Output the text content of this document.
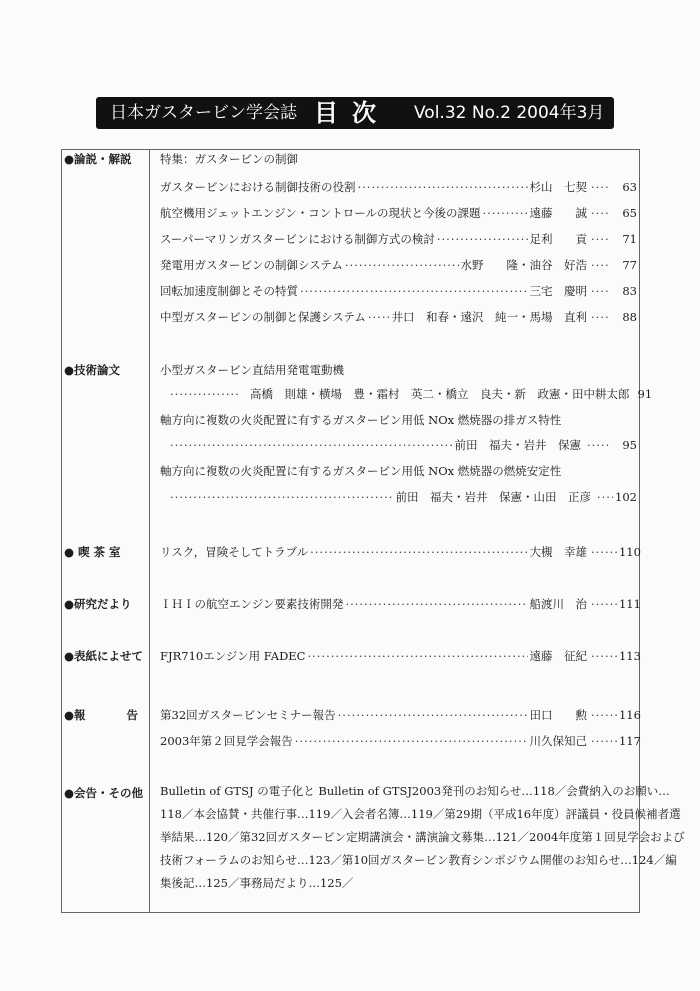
日本ガスタービン学会誌 目次 Vol.32 No.2 2004年3月
●論説・解説	特集：ガスタービンの制御
ガスタービンにおける制御技術の役割 ·····	杉山　七契 ···· 63
航空機用ジェットエンジン・コントロールの現状と今後の課題 ·····	遠藤　　誠 ···· 65
スーパーマリンガスタービンにおける制御方式の検討 ·····	足利　　貢 ···· 71
発電用ガスタービンの制御システム ·····	水野　　隆・油谷　好浩 ···· 77
回転加速度制御とその特質 ·····	三宅　慶明 ···· 83
中型ガスタービンの制御と保護システム ····· 井口　和春・遠沢　純一・馬場　直利 ···· 88
●技術論文	小型ガスタービン直結用発電電動機
·····
高橋　則雄・横場　豊・霜村　英二・橋立　良夫・新　政憲・田中耕太郎 91
軸方向に複数の火炎配置に有するガスタービン用低 NOx 燃焼器の排ガス特性
·····
前田　福夫・岩井　保憲 ·····	95
軸方向に複数の火炎配置に有するガスタービン用低 NOx 燃焼器の燃焼安定性
·····
前田　福夫・岩井　保憲・山田　正彦 ····· 102
●喫茶室	リスク，冒険そしてトラブル ·····	大槻　幸雄 ······ 110
●研究だより	ＩＨＩの航空エンジン要素技術開発 ·····	船渡川　治 ······ 111
●表紙によせて	FJR710エンジン用 FADEC ·····	遠藤　征紀 ······ 113
●報	告 第32回ガスタービンセミナー報告 ·····	田口　　勲 ······ 116
2003年第２回見学会報告 ·····	川久保知己 ······ 117
●会告・その他	Bulletin of GTSJ の電子化と Bulletin of GTSJ2003発刊のお知らせ…118／会費納入のお願い…
118／本会協賛・共催行事…119／入会者名簿…119／第29期（平成16年度）評議員・役員候補者選
挙結果…120／第32回ガスタービン定期講演会・講演論文募集…121／2004年度第１回見学会および
技術フォーラムのお知らせ…123／第10回ガスタービン教育シンポジウム開催のお知らせ…124／編
集後記…125／事務局だより…125／
